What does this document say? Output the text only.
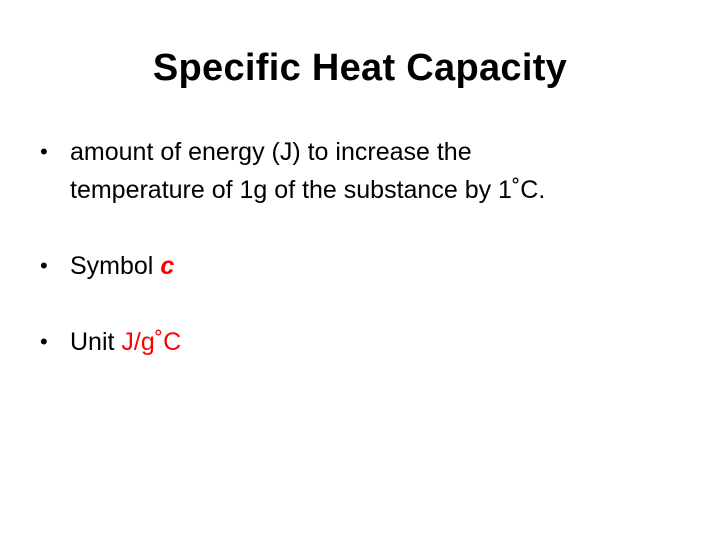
Specific Heat Capacity
• amount of energy (J) to increase the
temperature of 1g of the substance by 1˚C.
• Symbol c
• Unit J/g˚C
